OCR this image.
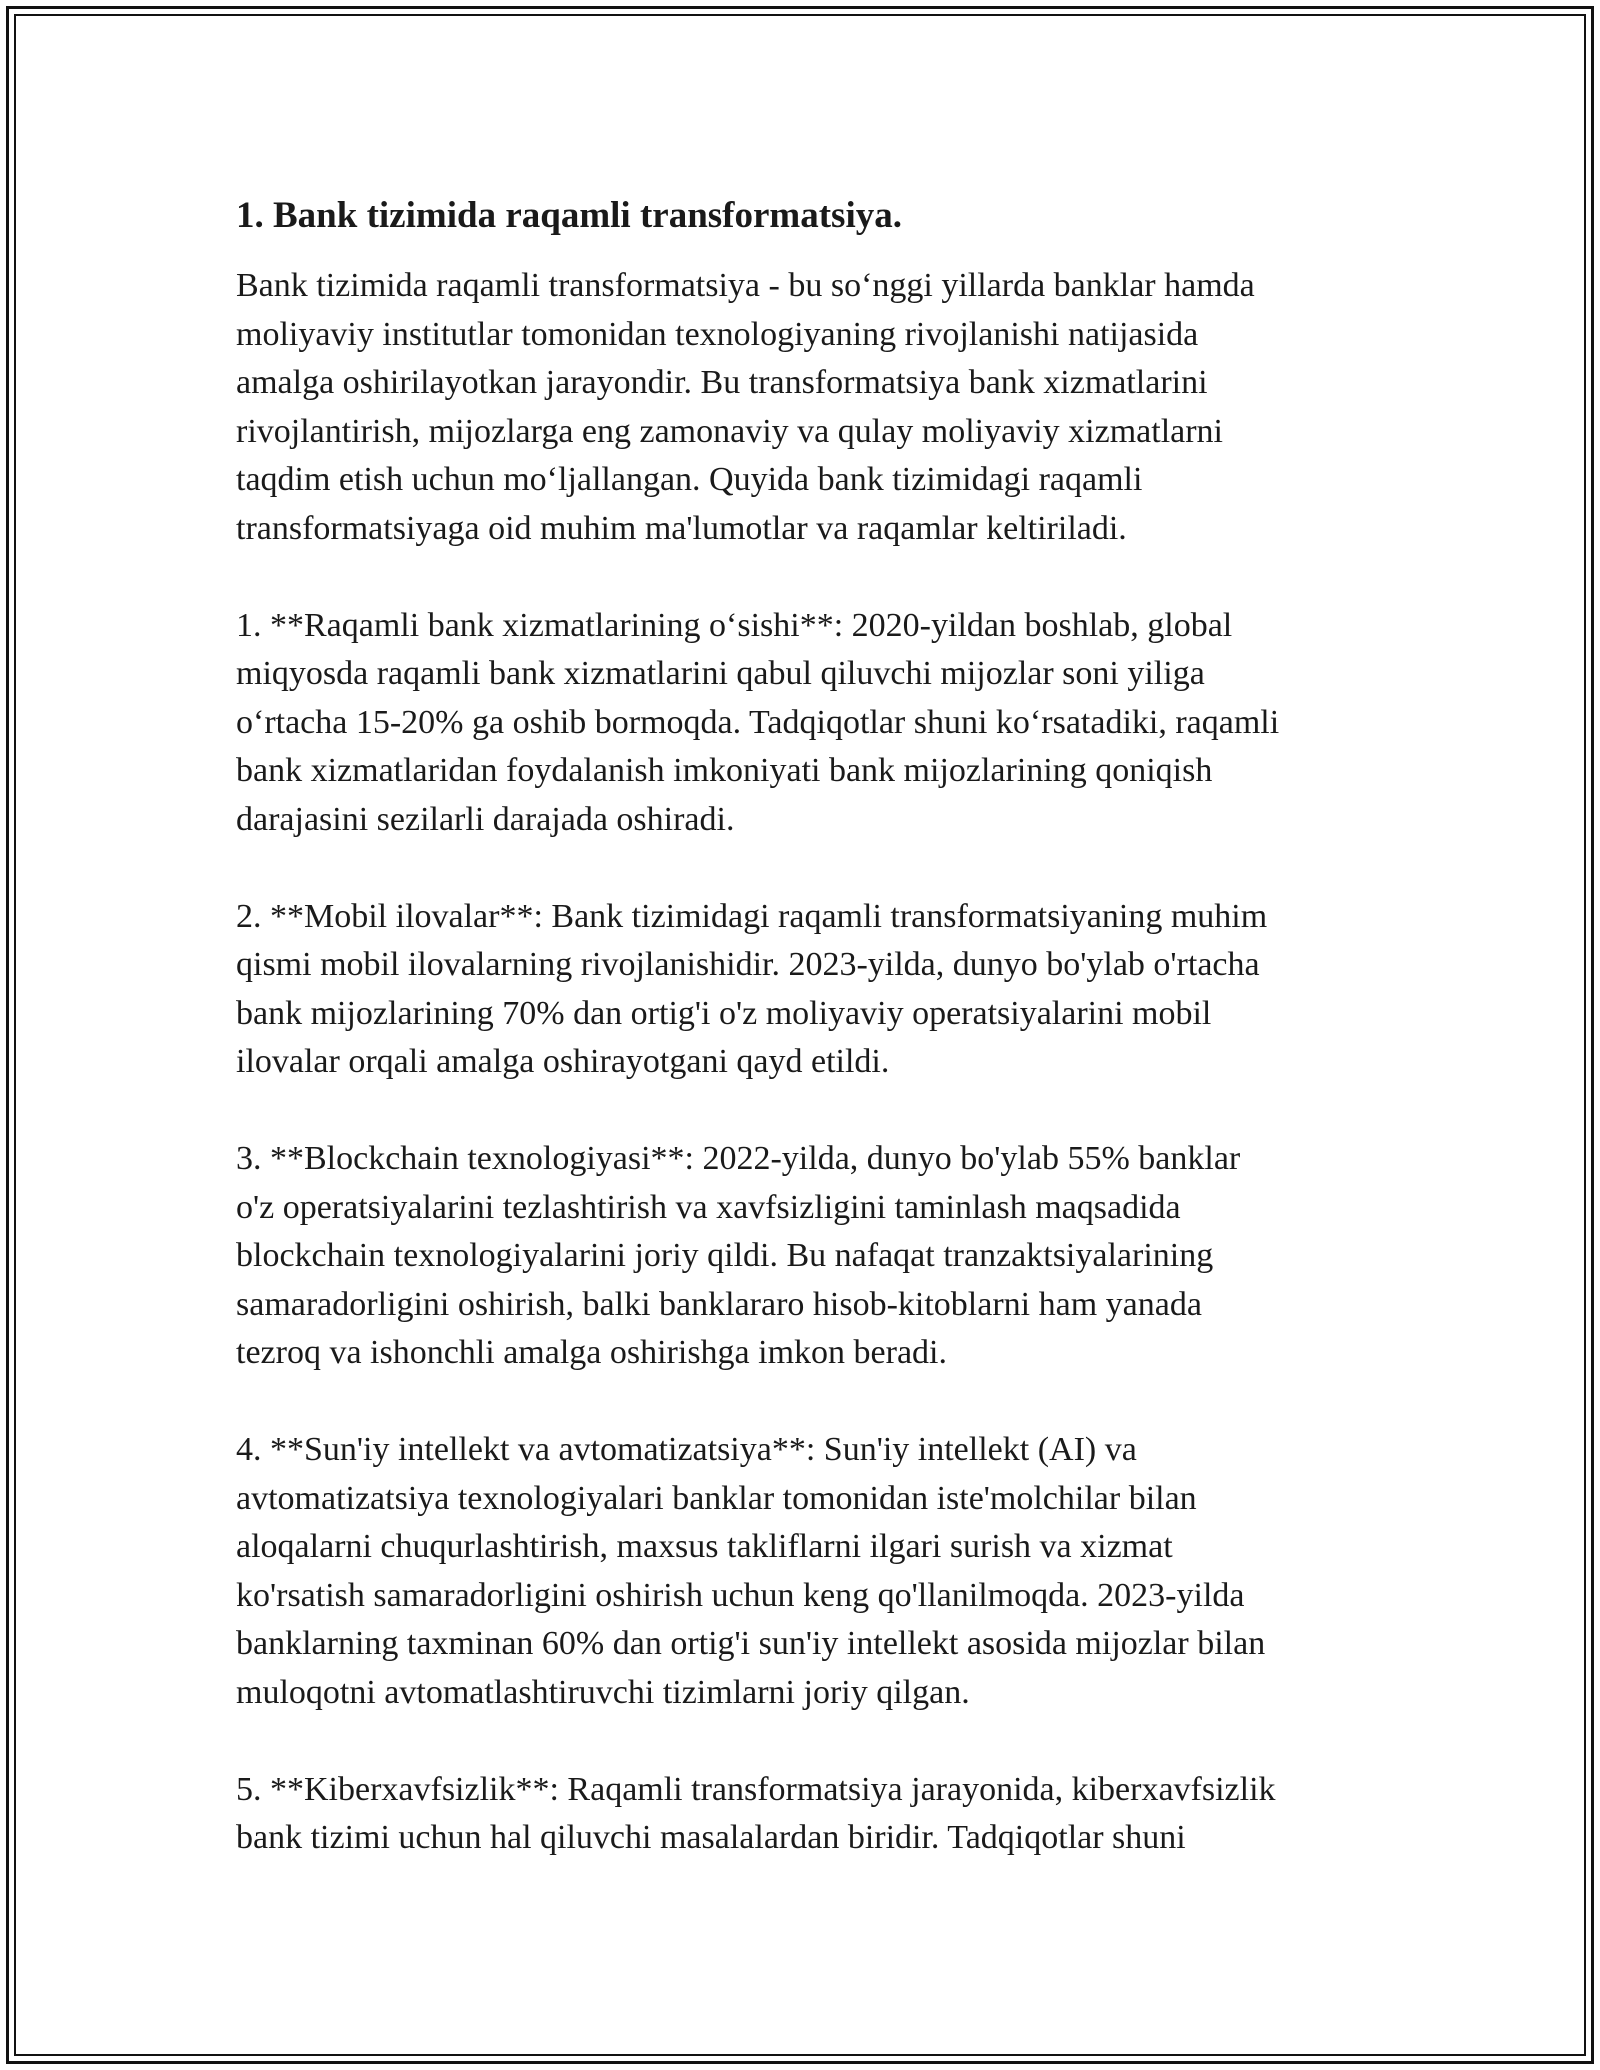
1. Bank tizimida raqamli transformatsiya.

Bank tizimida raqamli transformatsiya - bu so‘nggi yillarda banklar hamda
moliyaviy institutlar tomonidan texnologiyaning rivojlanishi natijasida
amalga oshirilayotkan jarayondir. Bu transformatsiya bank xizmatlarini
rivojlantirish, mijozlarga eng zamonaviy va qulay moliyaviy xizmatlarni
taqdim etish uchun mo‘ljallangan. Quyida bank tizimidagi raqamli
transformatsiyaga oid muhim ma'lumotlar va raqamlar keltiriladi.

1. **Raqamli bank xizmatlarining o‘sishi**: 2020-yildan boshlab, global
miqyosda raqamli bank xizmatlarini qabul qiluvchi mijozlar soni yiliga
o‘rtacha 15-20% ga oshib bormoqda. Tadqiqotlar shuni ko‘rsatadiki, raqamli
bank xizmatlaridan foydalanish imkoniyati bank mijozlarining qoniqish
darajasini sezilarli darajada oshiradi.

2. **Mobil ilovalar**: Bank tizimidagi raqamli transformatsiyaning muhim
qismi mobil ilovalarning rivojlanishidir. 2023-yilda, dunyo bo'ylab o'rtacha
bank mijozlarining 70% dan ortig'i o'z moliyaviy operatsiyalarini mobil
ilovalar orqali amalga oshirayotgani qayd etildi.

3. **Blockchain texnologiyasi**: 2022-yilda, dunyo bo'ylab 55% banklar
o'z operatsiyalarini tezlashtirish va xavfsizligini taminlash maqsadida
blockchain texnologiyalarini joriy qildi. Bu nafaqat tranzaktsiyalarining
samaradorligini oshirish, balki banklararo hisob-kitoblarni ham yanada
tezroq va ishonchli amalga oshirishga imkon beradi.

4. **Sun'iy intellekt va avtomatizatsiya**: Sun'iy intellekt (AI) va
avtomatizatsiya texnologiyalari banklar tomonidan iste'molchilar bilan
aloqalarni chuqurlashtirish, maxsus takliflarni ilgari surish va xizmat
ko'rsatish samaradorligini oshirish uchun keng qo'llanilmoqda. 2023-yilda
banklarning taxminan 60% dan ortig'i sun'iy intellekt asosida mijozlar bilan
muloqotni avtomatlashtiruvchi tizimlarni joriy qilgan.

5. **Kiberxavfsizlik**: Raqamli transformatsiya jarayonida, kiberxavfsizlik
bank tizimi uchun hal qiluvchi masalalardan biridir. Tadqiqotlar shuni
